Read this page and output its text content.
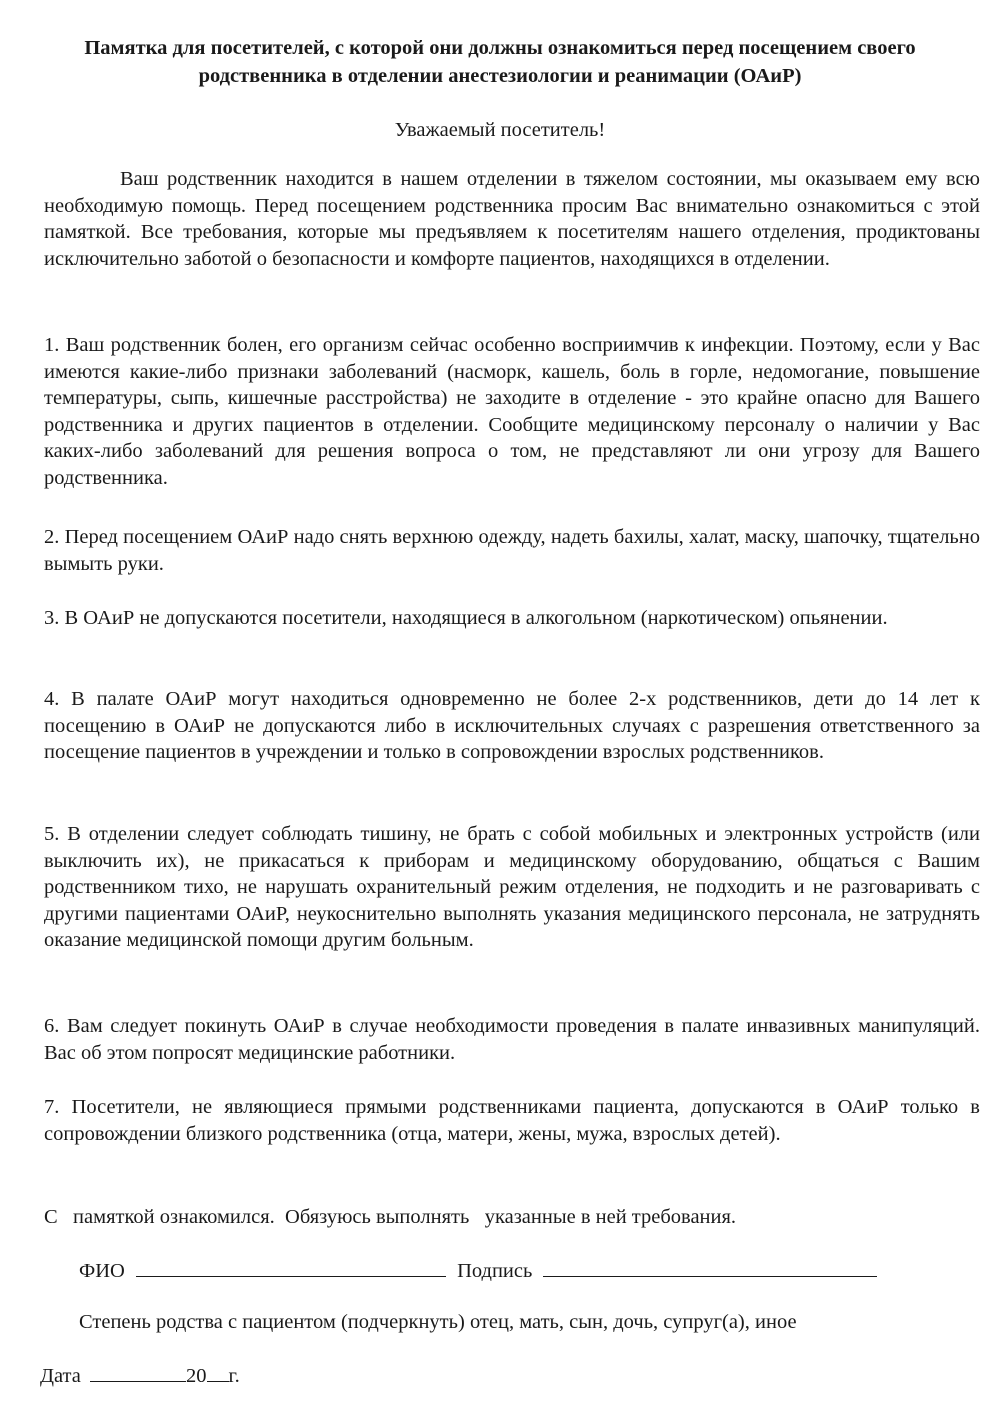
Памятка для посетителей, с которой они должны ознакомиться перед посещением своего родственника в отделении анестезиологии и реанимации (ОАиР)
Уважаемый посетитель!

Ваш родственник находится в нашем отделении в тяжелом состоянии, мы оказываем ему всю необходимую помощь. Перед посещением родственника просим Вас внимательно ознакомиться с этой памяткой. Все требования, которые мы предъявляем к посетителям нашего отделения, продиктованы исключительно заботой о безопасности и комфорте пациентов, находящихся в отделении.

1. Ваш родственник болен, его организм сейчас особенно восприимчив к инфекции. Поэтому, если у Вас имеются какие-либо признаки заболеваний (насморк, кашель, боль в горле, недомогание, повышение температуры, сыпь, кишечные расстройства) не заходите в отделение - это крайне опасно для Вашего родственника и других пациентов в отделении. Сообщите медицинскому персоналу о наличии у Вас каких-либо заболеваний для решения вопроса о том, не представляют ли они угрозу для Вашего родственника.

2. Перед посещением ОАиР надо снять верхнюю одежду, надеть бахилы, халат, маску, шапочку, тщательно вымыть руки.

3. В ОАиР не допускаются посетители, находящиеся в алкогольном (наркотическом) опьянении.

4. В палате ОАиР могут находиться одновременно не более 2-х родственников, дети до 14 лет к посещению в ОАиР не допускаются либо в исключительных случаях с разрешения ответственного за посещение пациентов в учреждении и только в сопровождении взрослых родственников.

5. В отделении следует соблюдать тишину, не брать с собой мобильных и электронных устройств (или выключить их), не прикасаться к приборам и медицинскому оборудованию, общаться с Вашим родственником тихо, не нарушать охранительный режим отделения, не подходить и не разговаривать с другими пациентами ОАиР, неукоснительно выполнять указания медицинского персонала, не затруднять оказание медицинской помощи другим больным.

6. Вам следует покинуть ОАиР в случае необходимости проведения в палате инвазивных манипуляций. Вас об этом попросят медицинские работники.

7. Посетители, не являющиеся прямыми родственниками пациента, допускаются в ОАиР только в сопровождении близкого родственника (отца, матери, жены, мужа, взрослых детей).

С   памяткой ознакомился.  Обязуюсь выполнять   указанные в ней требования.
ФИО	Подпись
Степень родства с пациентом (подчеркнуть) отец, мать, сын, дочь, супруг(а), иное
Дата	20 г.
